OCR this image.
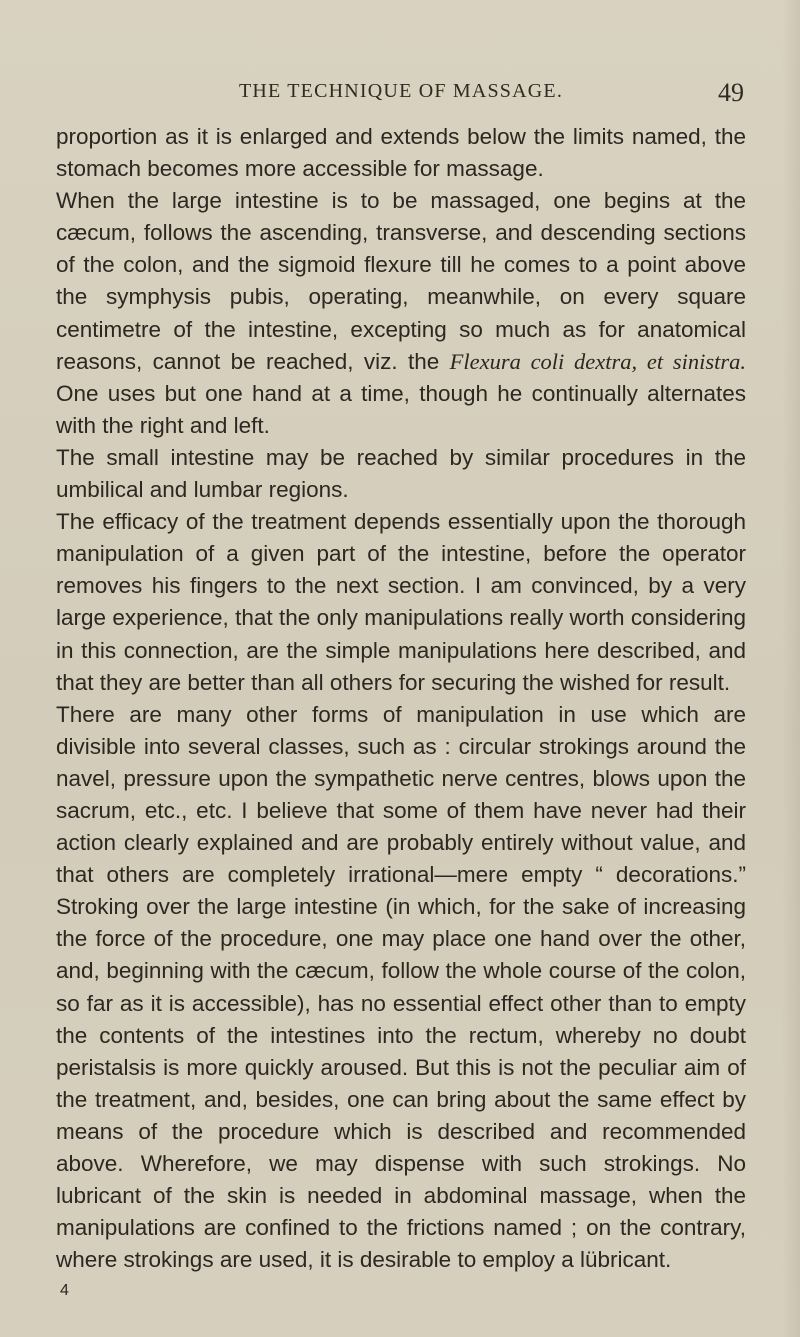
THE TECHNIQUE OF MASSAGE.	49

proportion as it is enlarged and extends below the limits named, the stomach becomes more accessible for massage.

When the large intestine is to be massaged, one begins at the cæcum, follows the ascending, transverse, and descending sections of the colon, and the sigmoid flexure till he comes to a point above the symphysis pubis, operating, meanwhile, on every square centimetre of the intestine, excepting so much as for anatomical reasons, cannot be reached, viz. the Flexura coli dextra, et sinistra. One uses but one hand at a time, though he continually alternates with the right and left.

The small intestine may be reached by similar procedures in the umbilical and lumbar regions.

The efficacy of the treatment depends essentially upon the thorough manipulation of a given part of the intestine, before the operator removes his fingers to the next section. I am convinced, by a very large experience, that the only manipulations really worth considering in this connection, are the simple manipulations here described, and that they are better than all others for securing the wished for result.

There are many other forms of manipulation in use which are divisible into several classes, such as : circular strokings around the navel, pressure upon the sympathetic nerve centres, blows upon the sacrum, etc., etc. I believe that some of them have never had their action clearly explained and are probably entirely without value, and that others are completely irrational—mere empty “ decorations.” Stroking over the large intestine (in which, for the sake of increasing the force of the procedure, one may place one hand over the other, and, beginning with the cæcum, follow the whole course of the colon, so far as it is accessible), has no essential effect other than to empty the contents of the intestines into the rectum, whereby no doubt peristalsis is more quickly aroused. But this is not the peculiar aim of the treatment, and, besides, one can bring about the same effect by means of the procedure which is described and recommended above. Wherefore, we may dispense with such strokings. No lubricant of the skin is needed in abdominal massage, when the manipulations are confined to the frictions named ; on the contrary, where strokings are used, it is desirable to employ a lübricant.

4
